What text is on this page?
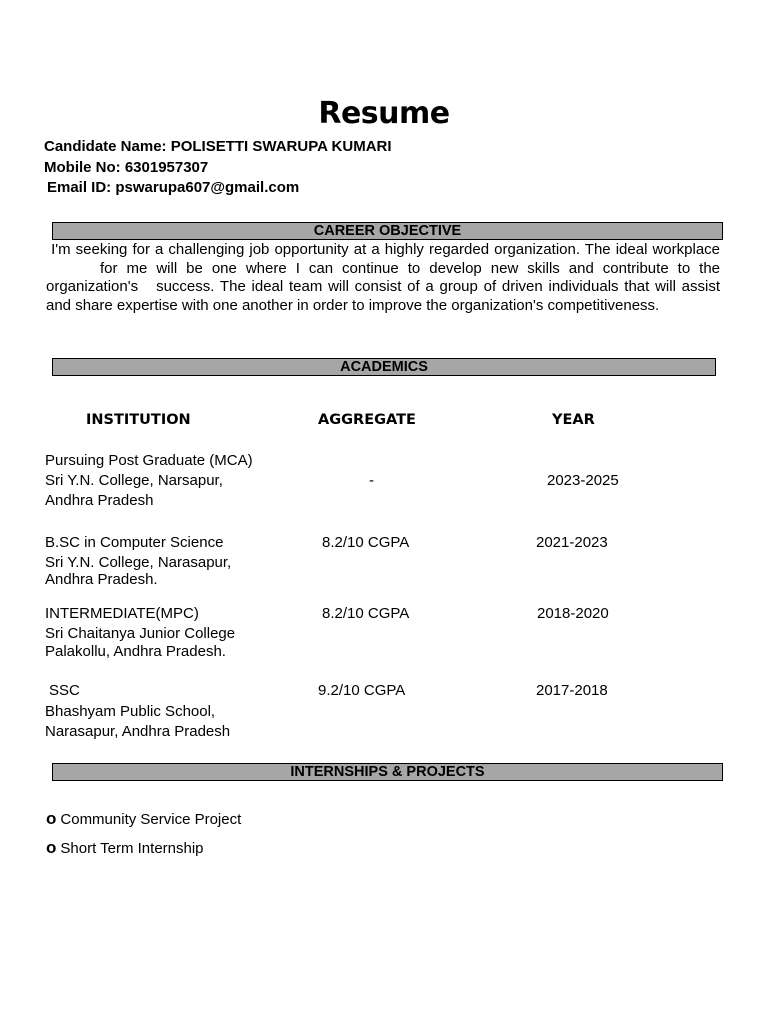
Resume
Candidate Name: POLISETTI SWARUPA KUMARI
Mobile No: 6301957307
Email ID: pswarupa607@gmail.com
CAREER OBJECTIVE
I'm seeking for a challenging job opportunity at a highly regarded organization. The ideal workplacefor me will be one where I can continue to develop new skills and contribute to the organization's success. The ideal team will consist of a group of driven individuals that will assist and share expertise with one another in order to improve the organization's competitiveness.
ACADEMICS
INSTITUTION	AGGREGATE	YEAR
Pursuing Post Graduate (MCA)
Sri Y.N. College, Narsapur,
Andhra Pradesh
-	2023-2025
B.SC in Computer Science
Sri Y.N. College, Narasapur,
Andhra Pradesh.
8.2/10 CGPA	2021-2023
INTERMEDIATE(MPC)
Sri Chaitanya Junior College
Palakollu, Andhra Pradesh.
8.2/10 CGPA	2018-2020
SSC
Bhashyam Public School,
Narasapur, Andhra Pradesh
9.2/10 CGPA	2017-2018
INTERNSHIPS & PROJECTS
o Community Service Project
o Short Term Internship
